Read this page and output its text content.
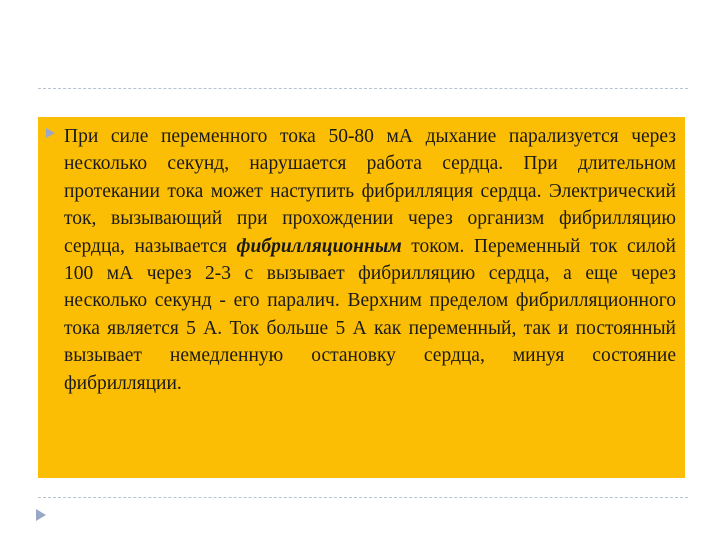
При силе переменного тока 50-80 мА дыхание парализуется через несколько секунд, нарушается работа сердца. При длительном протекании тока может наступить фибрилляция сердца. Электрический ток, вызывающий при прохождении через организм фибрилляцию сердца, называется фибрилляционным током. Переменный ток силой 100 мА через 2-3 с вызывает фибрилляцию сердца, а еще через несколько секунд - его паралич. Верхним пределом фибрилляционного тока является 5 А. Ток больше 5 А как переменный, так и постоянный вызывает немедленную остановку сердца, минуя состояние фибрилляции.
